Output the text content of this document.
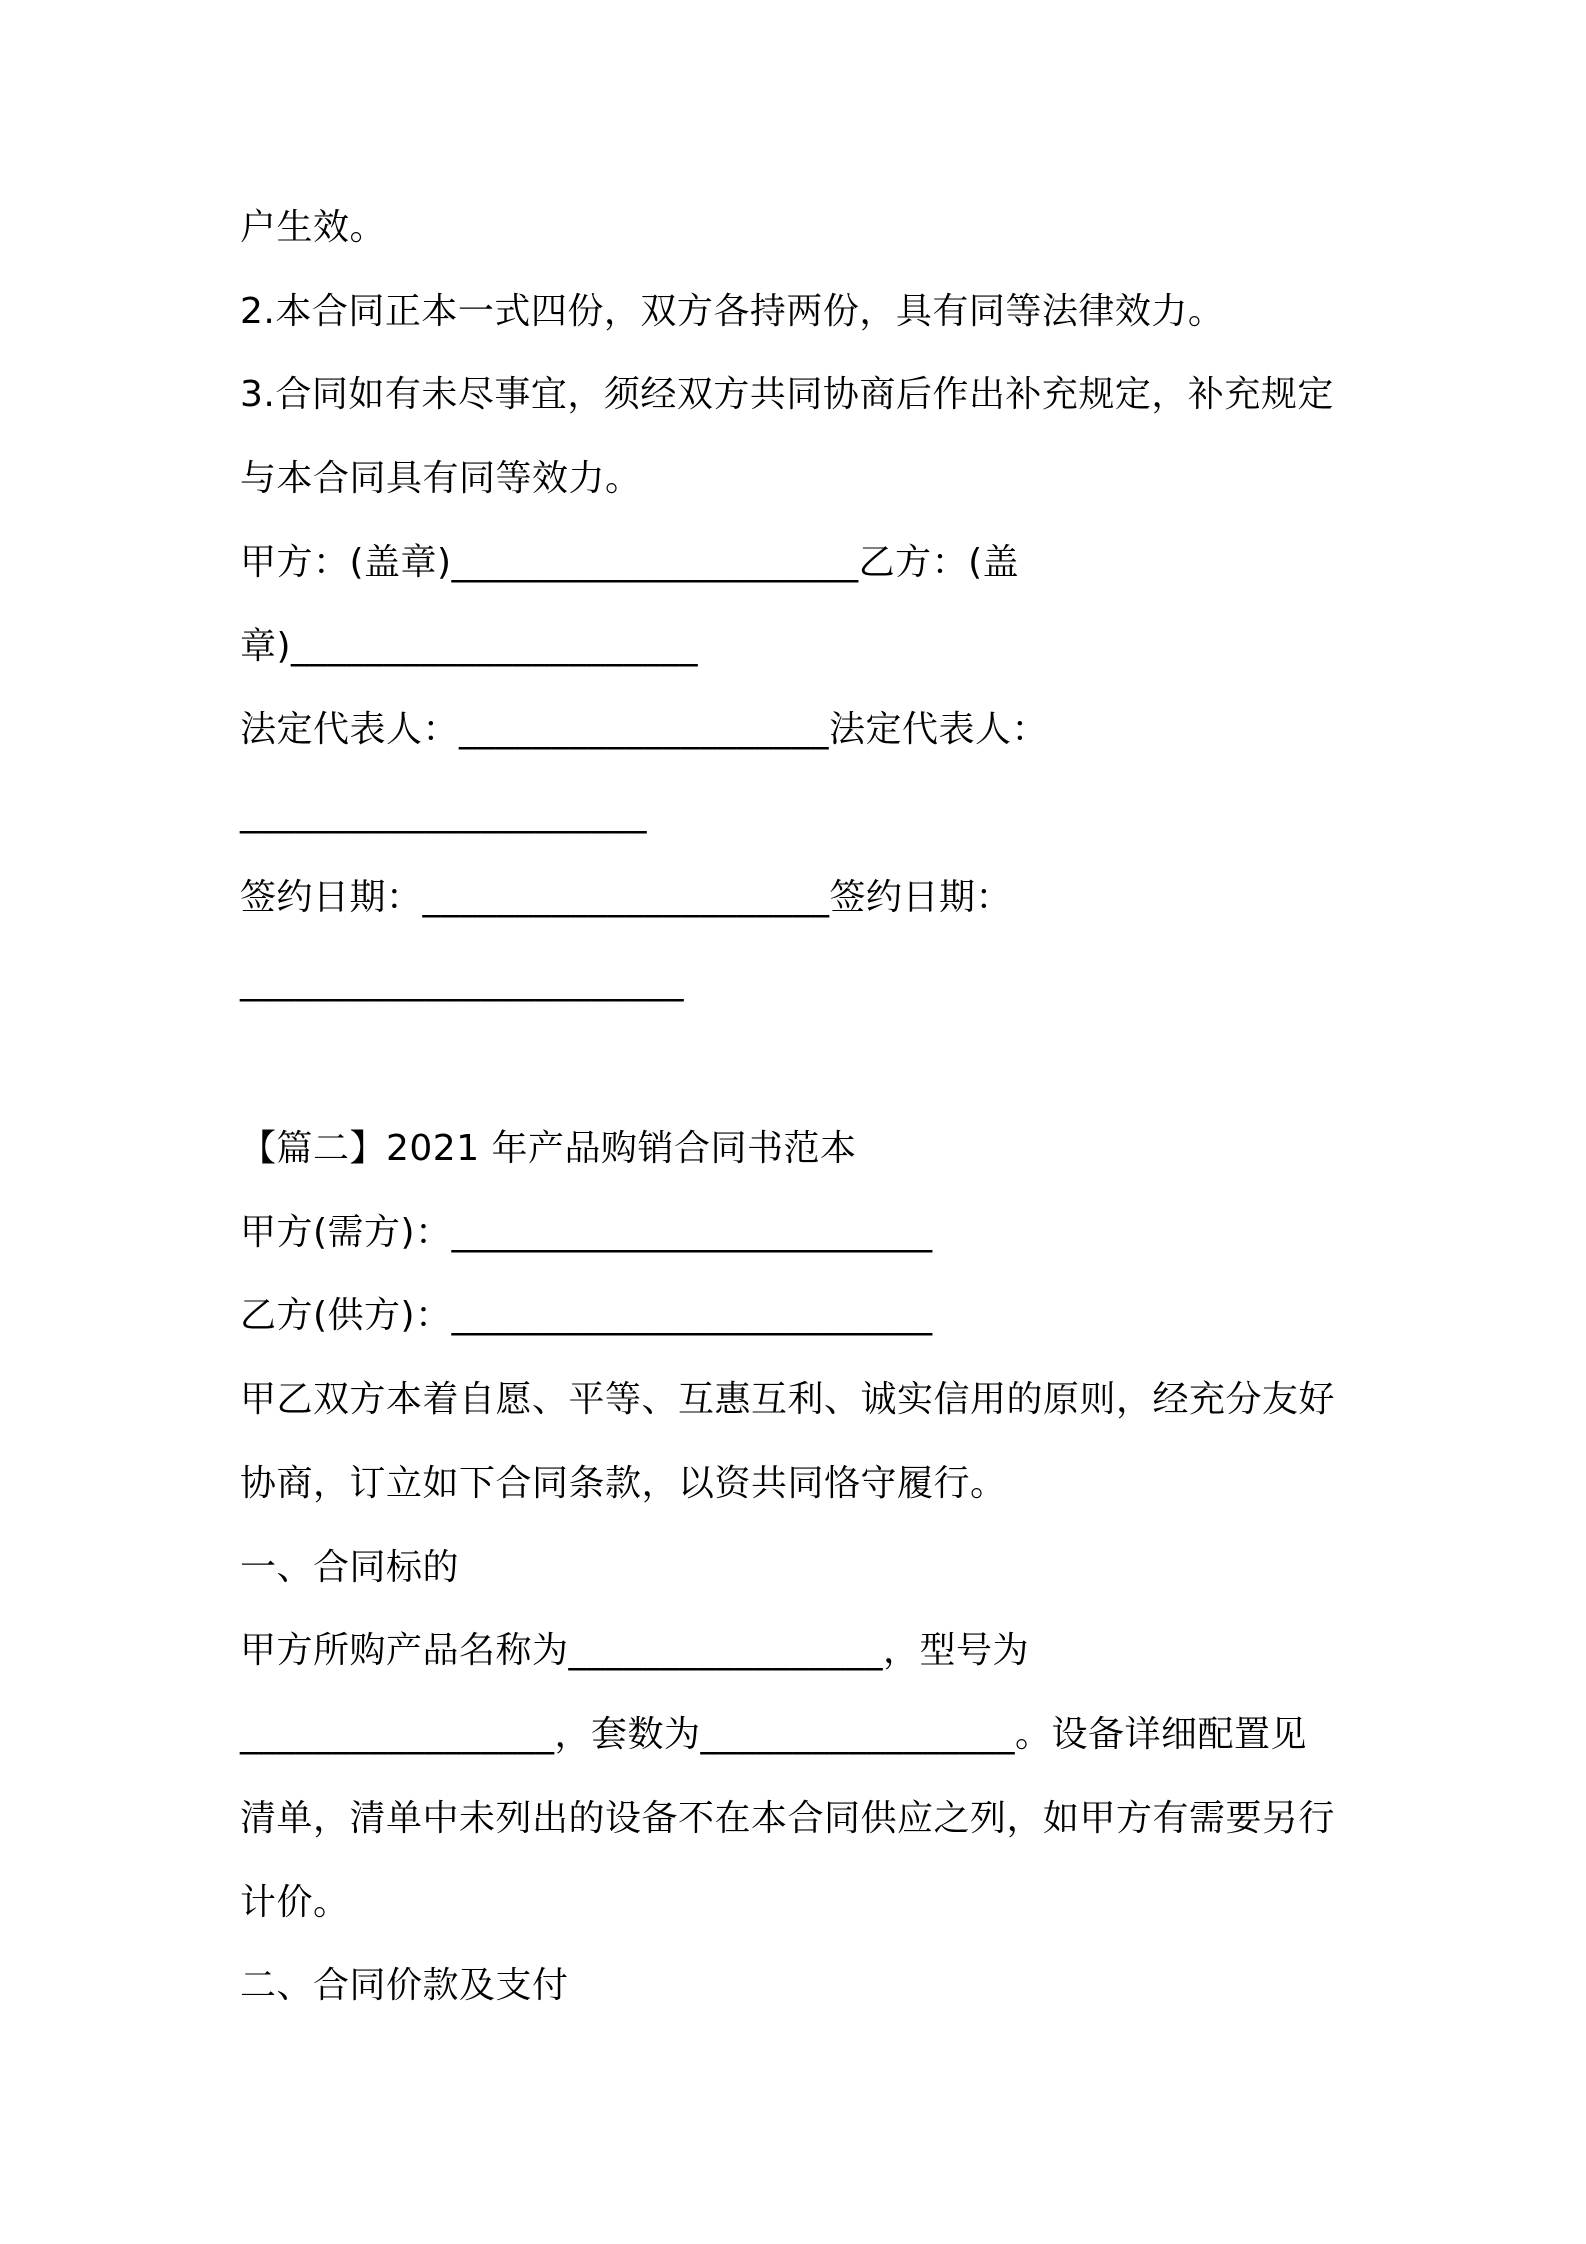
户生效。
2.本合同正本一式四份，双方各持两份，具有同等法律效力。
3.合同如有未尽事宜，须经双方共同协商后作出补充规定，补充规定
与本合同具有同等效力。
甲方：(盖章)______________________乙方：(盖
章)______________________
法定代表人：____________________法定代表人：
______________________
签约日期：______________________签约日期：
________________________
【篇二】2021 年产品购销合同书范本
甲方(需方)：__________________________
乙方(供方)：__________________________
甲乙双方本着自愿、平等、互惠互利、诚实信用的原则，经充分友好
协商，订立如下合同条款，以资共同恪守履行。
一、合同标的
甲方所购产品名称为_________________，型号为
_________________，套数为_________________。设备详细配置见
清单，清单中未列出的设备不在本合同供应之列，如甲方有需要另行
计价。
二、合同价款及支付
